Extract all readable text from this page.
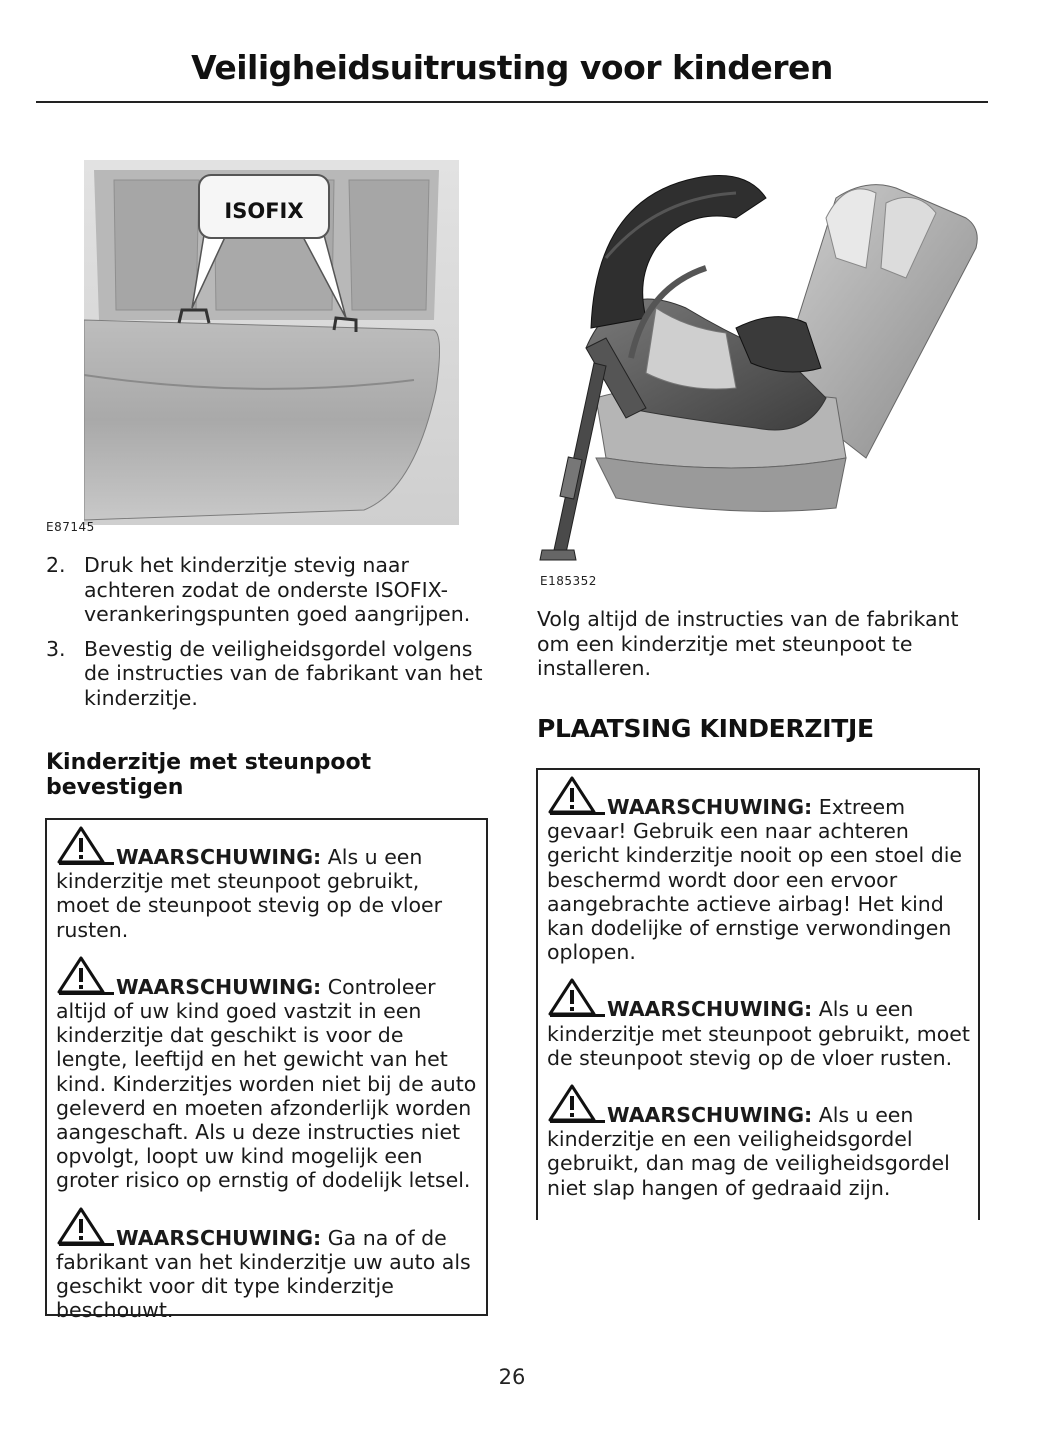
Veiligheidsuitrusting voor kinderen
ISOFIX
E87145
E185352
2. Druk het kinderzitje stevig naar achteren zodat de onderste ISOFIX-verankeringspunten goed aangrijpen.
3. Bevestig de veiligheidsgordel volgens de instructies van de fabrikant van het kinderzitje.
Kinderzitje met steunpoot bevestigen
WAARSCHUWING: Als u een kinderzitje met steunpoot gebruikt, moet de steunpoot stevig op de vloer rusten.
WAARSCHUWING: Controleer altijd of uw kind goed vastzit in een kinderzitje dat geschikt is voor de lengte, leeftijd en het gewicht van het kind. Kinderzitjes worden niet bij de auto geleverd en moeten afzonderlijk worden aangeschaft. Als u deze instructies niet opvolgt, loopt uw kind mogelijk een groter risico op ernstig of dodelijk letsel.
WAARSCHUWING: Ga na of de fabrikant van het kinderzitje uw auto als geschikt voor dit type kinderzitje beschouwt.
Volg altijd de instructies van de fabrikant om een kinderzitje met steunpoot te installeren.
PLAATSING KINDERZITJE
WAARSCHUWING: Extreem gevaar! Gebruik een naar achteren gericht kinderzitje nooit op een stoel die beschermd wordt door een ervoor aangebrachte actieve airbag! Het kind kan dodelijke of ernstige verwondingen oplopen.
WAARSCHUWING: Als u een kinderzitje met steunpoot gebruikt, moet de steunpoot stevig op de vloer rusten.
WAARSCHUWING: Als u een kinderzitje en een veiligheidsgordel gebruikt, dan mag de veiligheidsgordel niet slap hangen of gedraaid zijn.
26
